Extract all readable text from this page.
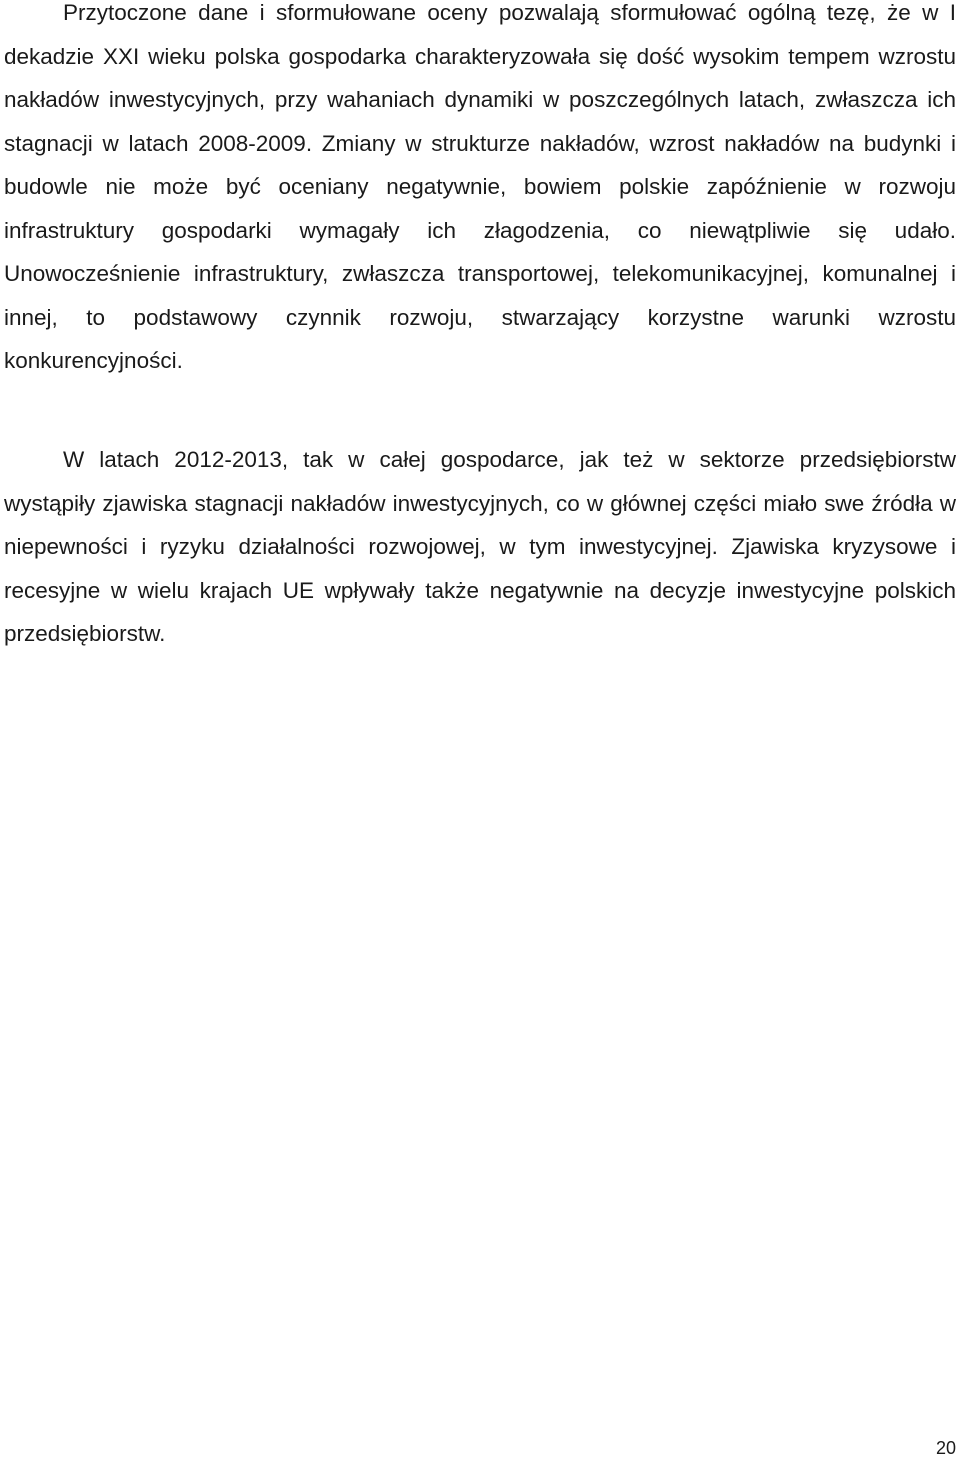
Przytoczone dane i sformułowane oceny pozwalają sformułować ogólną tezę, że w I dekadzie XXI wieku polska gospodarka charakteryzowała się dość wysokim tempem wzrostu nakładów inwestycyjnych, przy wahaniach dynamiki w poszczególnych latach, zwłaszcza ich stagnacji w latach 2008-2009. Zmiany w strukturze nakładów, wzrost nakładów na budynki i budowle nie może być oceniany negatywnie, bowiem polskie zapóźnienie w rozwoju infrastruktury gospodarki wymagały ich złagodzenia, co niewątpliwie się udało. Unowocześnienie infrastruktury, zwłaszcza transportowej, telekomunikacyjnej, komunalnej i innej, to podstawowy czynnik rozwoju, stwarzający korzystne warunki wzrostu konkurencyjności.

W latach 2012-2013, tak w całej gospodarce, jak też w sektorze przedsiębiorstw wystąpiły zjawiska stagnacji nakładów inwestycyjnych, co w głównej części miało swe źródła w niepewności i ryzyku działalności rozwojowej, w tym inwestycyjnej. Zjawiska kryzysowe i recesyjne w wielu krajach UE wpływały także negatywnie na decyzje inwestycyjne polskich przedsiębiorstw.

20
